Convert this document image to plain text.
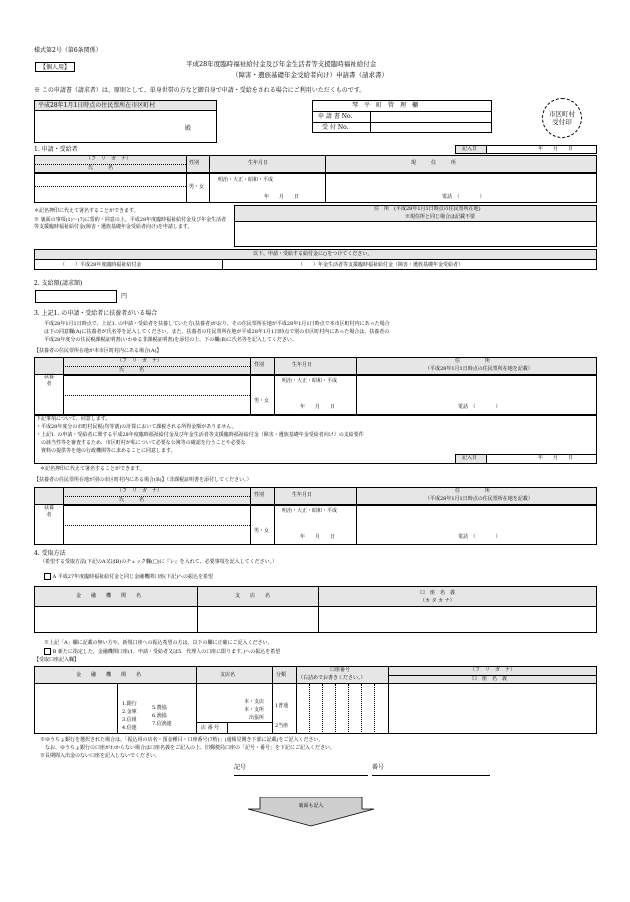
様式第2号（第6条関係）
【個人用】	平成28年度臨時福祉給付金及び年金生活者等支援臨時福祉給付金
（障害・遺族基礎年金受給者向け）申請書（請求書）
※ この申請書（請求者）は、原則として、単身世帯の方など御自身で申請・受給をされる場合にご利用いただくものです。
平成28年1月1日時点の住民票所在市区町村
殿
琴　平　町　管　理　欄
申 請 書 No.
受 付 No.
市区町村受付印
1. 申請・受給者	記入日	年　　月　　日
（フ　リ　ガ　ナ）
氏　　　名
性別	生年月日	現　　　住　　　所
男・女
明治・大正・昭和・平成
年　　月　　日	電話　（　　　　）
＊記名押印に代えて署名することができます。
※ 裏面の事項(1)～(7)に誓約・同意の上、平成28年度臨時福祉給付金及び年金生活者等支援臨時福祉給付金(障害・遺族基礎年金受給者向け)を申請します。
住　所　(平成28年1月1日時点の住民票所在地)
※現住所と同じ場合は記載不要
以下、申請・受給する給付金に○をつけてください。
（　　）平成28年度臨時福祉給付金	（　　）年金生活者等支援臨時福祉給付金（障害・遺族基礎年金受給者）
2. 支給額(請求額)
円
3. 上記1. の申請・受給者に扶養者がいる場合
平成28年1月1日時点で、上記1. の申請・受給者を扶養していた方(扶養者)がおり、その住民票所在地が平成28年1月1日時点で本市区町村内にあった場合
は下の同意欄(A)に扶養者が氏名等を記入してください。また、扶養者の住民票所在地が平成28年1月1日時点で別の市区町村内にあった場合は、扶養者の
平成28年度分の住民税課税証明書(いわゆる非課税証明書)を添付の上、下の欄(B)に氏名等を記入してください。
【扶養者の住民票所在地が本市区町村内にある場合(A)】
扶養者
（フ　リ　ガ　ナ）
氏　　　名
性別	生年月日
住　　　　　所
（平成28年1月1日時点の住民票所在地を記載）
男・女
明治・大正・昭和・平成
年　　月　　日	電話　（　　　　）
下記事項について、同意します。
・平成28年度分の市町村民税(均等割)の計算において課税される所得金額がありません。
・上記1. の申請・受給者に関する平成28年度臨時福祉給付金及び年金生活者等支援臨時福祉給付金（障害・遺族基礎年金受給者向け）の支給要件
　の該当性等を審査するため、市区町村が私について必要な公簿等の確認を行うことや必要な
　資料の提供等を他の行政機関等に求めることに同意します。
記入日	年　　月　　日
＊記名押印に代えて署名することができます。
【扶養者の住民票所在地が別の市区町村内にある場合(B)】（非課税証明書を添付してください。）
扶養者
（フ　リ　ガ　ナ）
氏　　　名
性別	生年月日
住　　　　　所
（平成28年1月1日時点の住民票所在地を記載）
男・女
明治・大正・昭和・平成
年　　月　　日	電話　（　　　　）
4. 受取方法
（希望する受取方法(下記のA又はB)のチェック欄(□)に『レ』を入れて、必要事項を記入してください。）
A 平成27年度臨時福祉給付金と同じ金融機関口座(下記)への振込を希望
金　　融　　機　　関　　名	支　　店　　名	口　座　名　義
（カ タ カ ナ）
※上記「A」欄に記載の無い方や、新規口座への振込希望の方は、以下の欄に正確にご記入ください。
B 新たに指定した、金融機関口座(1．申請・受給者又は5．代理人の口座に限ります。)への振込を希望
【受取口座記入欄】
金　　融　　機　　関　　名	支店名	分類
口座番号
（右詰めでお書きください。）
（フ　リ　ガ　ナ）
口　座　名　義
1.銀行
2.金庫
3.信組
4.信連
5.農協
6.漁協
7.信漁連
本・支店
本・支所
出張所
店 番 号
1普通
2当座
※ゆうちょ銀行を選択された場合は、「振込用の店名・預金種目・口座番号(7桁)」(通帳見開き下部に記載)をご記入ください。
　なお、ゆうちょ銀行の口座がわからない場合は口座名義をご記入の上、旧郵便局口座の「記号・番号」を下記にご記入ください。
※長期間入出金のない口座を記入しないでください。
記号	番号
裏面も記入
